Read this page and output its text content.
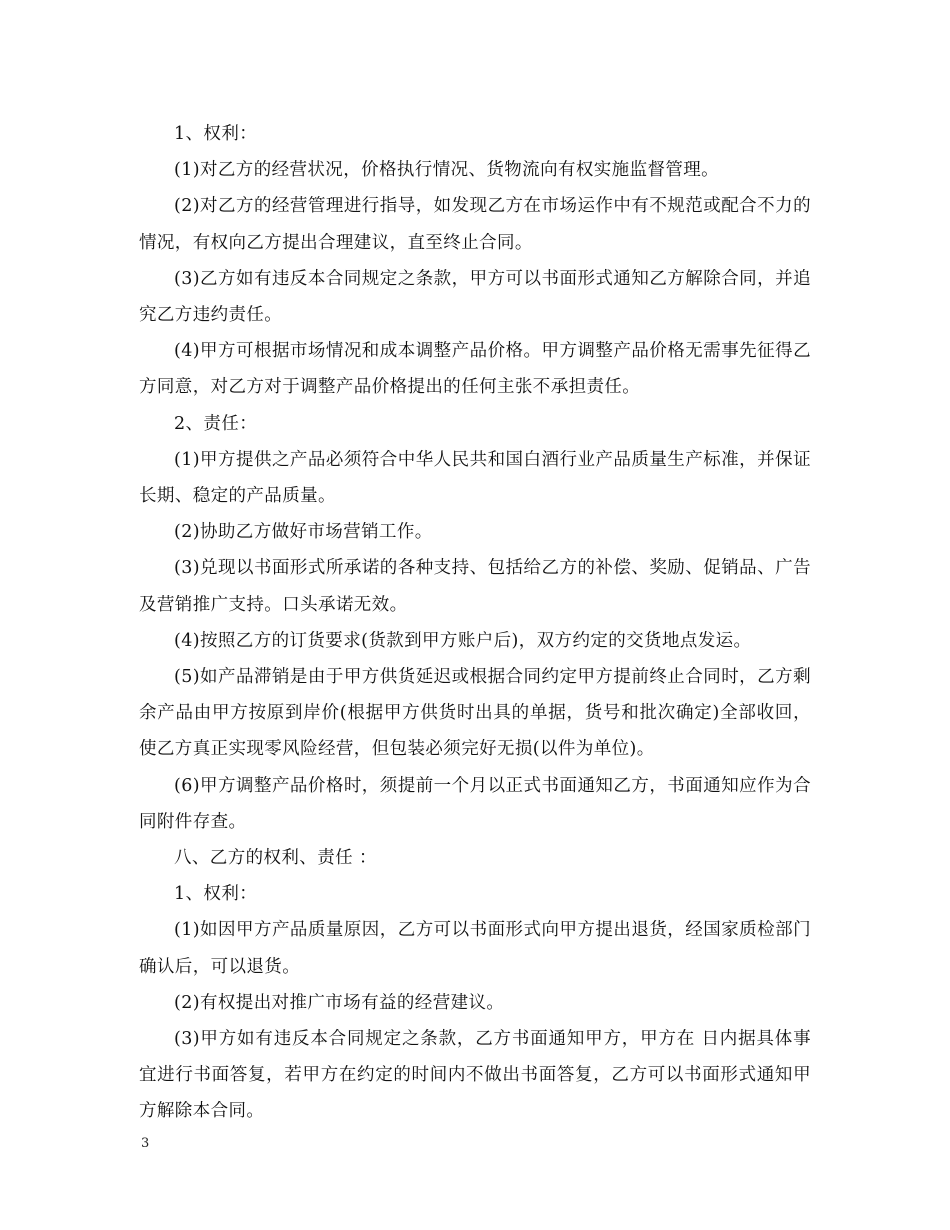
1、权利：

(1)对乙方的经营状况，价格执行情况、货物流向有权实施监督管理。

(2)对乙方的经营管理进行指导，如发现乙方在市场运作中有不规范或配合不力的情况，有权向乙方提出合理建议，直至终止合同。

(3)乙方如有违反本合同规定之条款，甲方可以书面形式通知乙方解除合同，并追究乙方违约责任。

(4)甲方可根据市场情况和成本调整产品价格。甲方调整产品价格无需事先征得乙方同意，对乙方对于调整产品价格提出的任何主张不承担责任。

2、责任：

(1)甲方提供之产品必须符合中华人民共和国白酒行业产品质量生产标准，并保证长期、稳定的产品质量。

(2)协助乙方做好市场营销工作。

(3)兑现以书面形式所承诺的各种支持、包括给乙方的补偿、奖励、促销品、广告及营销推广支持。口头承诺无效。

(4)按照乙方的订货要求(货款到甲方账户后)，双方约定的交货地点发运。

(5)如产品滞销是由于甲方供货延迟或根据合同约定甲方提前终止合同时，乙方剩余产品由甲方按原到岸价(根据甲方供货时出具的单据，货号和批次确定)全部收回，使乙方真正实现零风险经营，但包装必须完好无损(以件为单位)。

(6)甲方调整产品价格时，须提前一个月以正式书面通知乙方，书面通知应作为合同附件存查。

八、乙方的权利、责任 ：

1、权利：

(1)如因甲方产品质量原因，乙方可以书面形式向甲方提出退货，经国家质检部门确认后，可以退货。

(2)有权提出对推广市场有益的经营建议。

(3)甲方如有违反本合同规定之条款，乙方书面通知甲方，甲方在 日内据具体事宜进行书面答复，若甲方在约定的时间内不做出书面答复，乙方可以书面形式通知甲方解除本合同。

3
